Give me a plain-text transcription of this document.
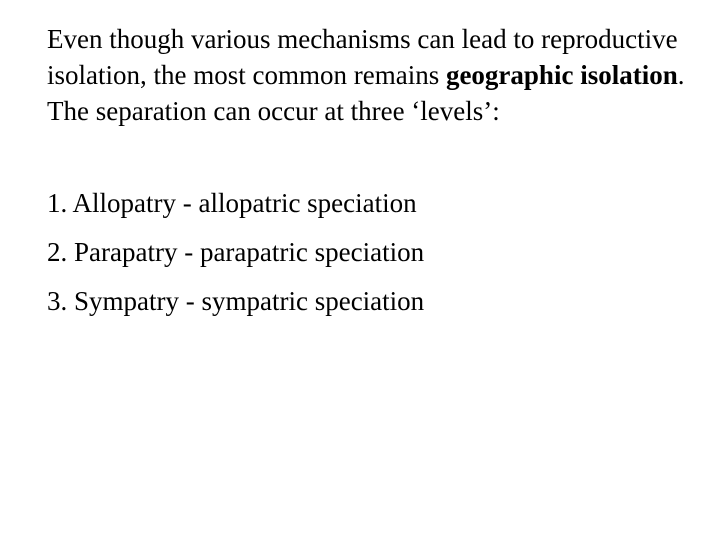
Even though various mechanisms can lead to reproductive isolation, the most common remains geographic isolation. The separation can occur at three ‘levels’:

1. Allopatry - allopatric speciation
2. Parapatry - parapatric speciation
3. Sympatry - sympatric speciation
